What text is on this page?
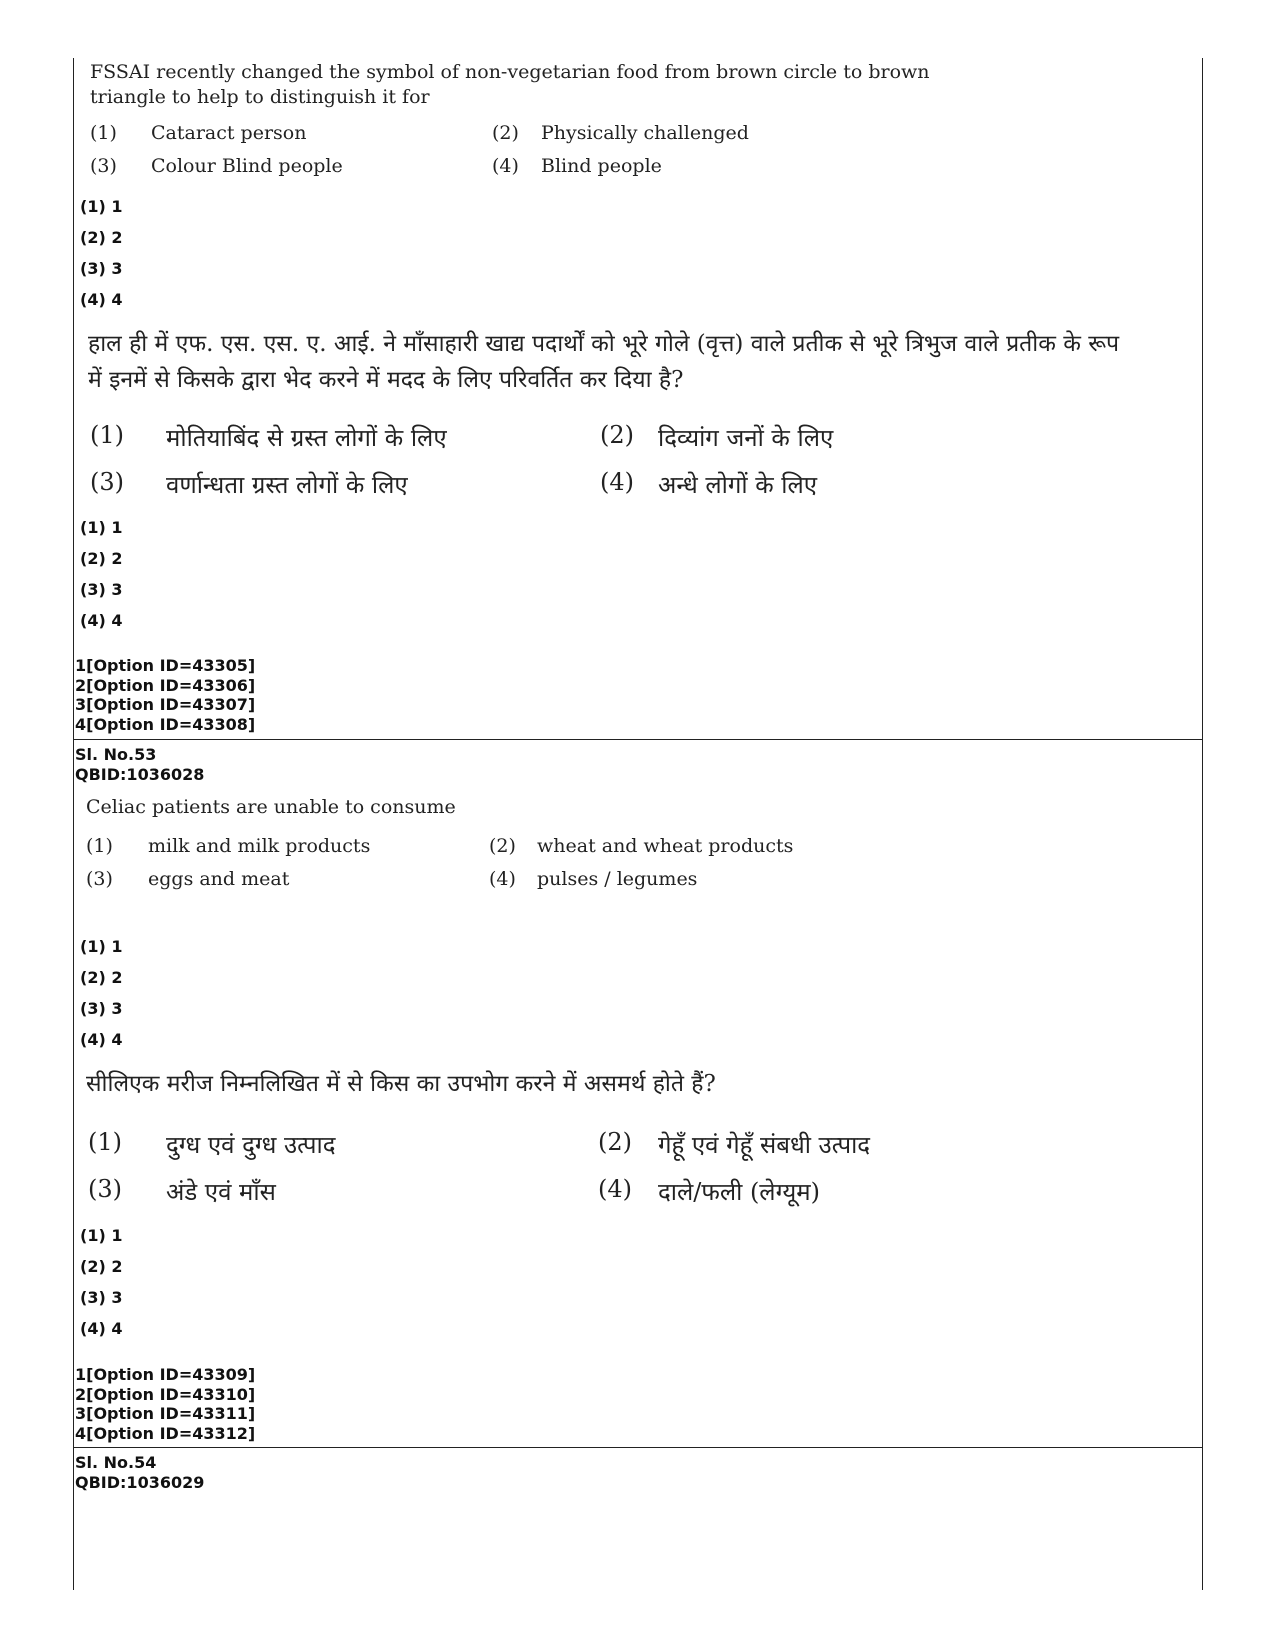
FSSAI recently changed the symbol of non-vegetarian food from brown circle to brown triangle to help to distinguish it for
(1) Cataract person	(2) Physically challenged
(3) Colour Blind people	(4) Blind people
(1) 1
(2) 2
(3) 3
(4) 4
हाल ही में एफ. एस. एस. ए. आई. ने माँसाहारी खाद्य पदार्थों को भूरे गोले (वृत्त) वाले प्रतीक से भूरे त्रिभुज वाले प्रतीक के रूप में इनमें से किसके द्वारा भेद करने में मदद के लिए परिवर्तित कर दिया है?
(1) मोतियाबिंद से ग्रस्त लोगों के लिए	(2) दिव्यांग जनों के लिए
(3) वर्णान्धता ग्रस्त लोगों के लिए	(4) अन्धे लोगों के लिए
(1) 1
(2) 2
(3) 3
(4) 4
1[Option ID=43305]
2[Option ID=43306]
3[Option ID=43307]
4[Option ID=43308]
Sl. No.53
QBID:1036028
Celiac patients are unable to consume
(1) milk and milk products	(2) wheat and wheat products
(3) eggs and meat	(4) pulses / legumes
(1) 1
(2) 2
(3) 3
(4) 4
सीलिएक मरीज निम्नलिखित में से किस का उपभोग करने में असमर्थ होते हैं?
(1) दुग्ध एवं दुग्ध उत्पाद	(2) गेहूँ एवं गेहूँ संबधी उत्पाद
(3) अंडे एवं माँस	(4) दाले/फली (लेग्यूम)
(1) 1
(2) 2
(3) 3
(4) 4
1[Option ID=43309]
2[Option ID=43310]
3[Option ID=43311]
4[Option ID=43312]
Sl. No.54
QBID:1036029
